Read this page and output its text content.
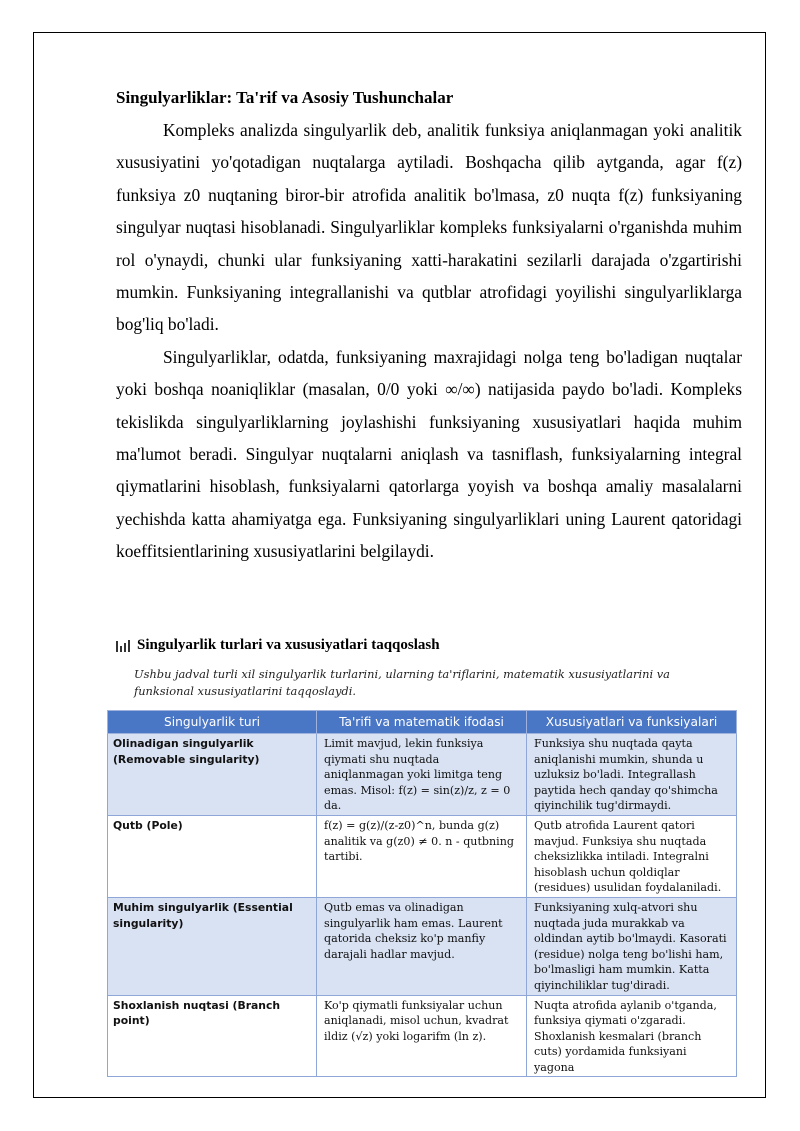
Singulyarliklar: Ta'rif va Asosiy Tushunchalar

Kompleks analizda singulyarlik deb, analitik funksiya aniqlanmagan yoki analitik xususiyatini yo'qotadigan nuqtalarga aytiladi. Boshqacha qilib aytganda, agar f(z) funksiya z0 nuqtaning biror-bir atrofida analitik bo'lmasa, z0 nuqta f(z) funksiyaning singulyar nuqtasi hisoblanadi. Singulyarliklar kompleks funksiyalarni o'rganishda muhim rol o'ynaydi, chunki ular funksiyaning xatti-harakatini sezilarli darajada o'zgartirishi mumkin. Funksiyaning integrallanishi va qutblar atrofidagi yoyilishi singulyarliklarga bog'liq bo'ladi.

Singulyarliklar, odatda, funksiyaning maxrajidagi nolga teng bo'ladigan nuqtalar yoki boshqa noaniqliklar (masalan, 0/0 yoki ∞/∞) natijasida paydo bo'ladi. Kompleks tekislikda singulyarliklarning joylashishi funksiyaning xususiyatlari haqida muhim ma'lumot beradi. Singulyar nuqtalarni aniqlash va tasniflash, funksiyalarning integral qiymatlarini hisoblash, funksiyalarni qatorlarga yoyish va boshqa amaliy masalalarni yechishda katta ahamiyatga ega. Funksiyaning singulyarliklari uning Laurent qatoridagi koeffitsientlarining xususiyatlarini belgilaydi.

Singulyarlik turlari va xususiyatlari taqqoslash
Ushbu jadval turli xil singulyarlik turlarini, ularning ta'riflarini, matematik xususiyatlarini va funksional xususiyatlarini taqqoslaydi.
Singulyarlik turi	Ta'rifi va matematik ifodasi	Xususiyatlari va funksiyalari
Olinadigan singulyarlik (Removable singularity)	Limit mavjud, lekin funksiya qiymati shu nuqtada aniqlanmagan yoki limitga teng emas. Misol: f(z) = sin(z)/z, z = 0 da.	Funksiya shu nuqtada qayta aniqlanishi mumkin, shunda u uzluksiz bo'ladi. Integrallash paytida hech qanday qo'shimcha qiyinchilik tug'dirmaydi.
Qutb (Pole)	f(z) = g(z)/(z-z0)^n, bunda g(z) analitik va g(z0) ≠ 0. n - qutbning tartibi.	Qutb atrofida Laurent qatori mavjud. Funksiya shu nuqtada cheksizlikka intiladi. Integralni hisoblash uchun qoldiqlar (residues) usulidan foydalaniladi.
Muhim singulyarlik (Essential singularity)	Qutb emas va olinadigan singulyarlik ham emas. Laurent qatorida cheksiz ko'p manfiy darajali hadlar mavjud.	Funksiyaning xulq-atvori shu nuqtada juda murakkab va oldindan aytib bo'lmaydi. Kasorati (residue) nolga teng bo'lishi ham, bo'lmasligi ham mumkin. Katta qiyinchiliklar tug'diradi.
Shoxlanish nuqtasi (Branch point)	Ko'p qiymatli funksiyalar uchun aniqlanadi, misol uchun, kvadrat ildiz (√z) yoki logarifm (ln z).	Nuqta atrofida aylanib o'tganda, funksiya qiymati o'zgaradi. Shoxlanish kesmalari (branch cuts) yordamida funksiyani yagona
